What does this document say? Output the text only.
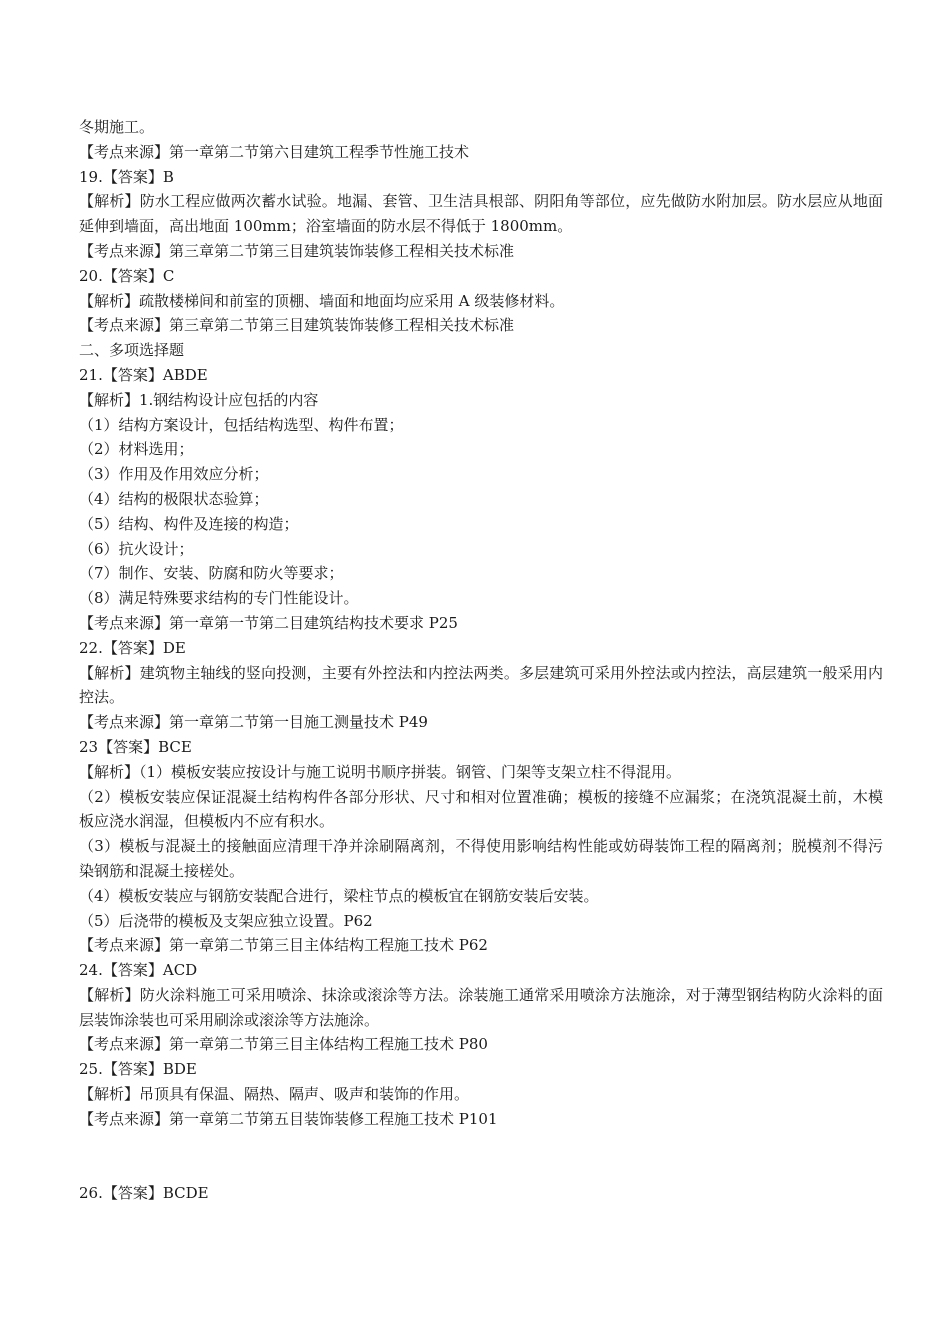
冬期施工。

【考点来源】第一章第二节第六目建筑工程季节性施工技术

19.【答案】B

【解析】防水工程应做两次蓄水试验。地漏、套管、卫生洁具根部、阴阳角等部位，应先做防水附加层。防水层应从地面延伸到墙面，高出地面 100mm；浴室墙面的防水层不得低于 1800mm。

【考点来源】第三章第二节第三目建筑装饰装修工程相关技术标准

20.【答案】C

【解析】疏散楼梯间和前室的顶棚、墙面和地面均应采用 A 级装修材料。

【考点来源】第三章第二节第三目建筑装饰装修工程相关技术标准

二、多项选择题

21.【答案】ABDE

【解析】1.钢结构设计应包括的内容

（1）结构方案设计，包括结构选型、构件布置；

（2）材料选用；

（3）作用及作用效应分析；

（4）结构的极限状态验算；

（5）结构、构件及连接的构造；

（6）抗火设计；

（7）制作、安装、防腐和防火等要求；

（8）满足特殊要求结构的专门性能设计。

【考点来源】第一章第一节第二目建筑结构技术要求 P25

22.【答案】DE

【解析】建筑物主轴线的竖向投测，主要有外控法和内控法两类。多层建筑可采用外控法或内控法，高层建筑一般采用内控法。

【考点来源】第一章第二节第一目施工测量技术 P49

23【答案】BCE

【解析】（1）模板安装应按设计与施工说明书顺序拼装。钢管、门架等支架立柱不得混用。

（2）模板安装应保证混凝土结构构件各部分形状、尺寸和相对位置准确；模板的接缝不应漏浆；在浇筑混凝土前，木模板应浇水润湿，但模板内不应有积水。

（3）模板与混凝土的接触面应清理干净并涂刷隔离剂，不得使用影响结构性能或妨碍装饰工程的隔离剂；脱模剂不得污染钢筋和混凝土接槎处。

（4）模板安装应与钢筋安装配合进行，梁柱节点的模板宜在钢筋安装后安装。

（5）后浇带的模板及支架应独立设置。P62

【考点来源】第一章第二节第三目主体结构工程施工技术 P62

24.【答案】ACD

【解析】防火涂料施工可采用喷涂、抹涂或滚涂等方法。涂装施工通常采用喷涂方法施涂，对于薄型钢结构防火涂料的面层装饰涂装也可采用刷涂或滚涂等方法施涂。

【考点来源】第一章第二节第三目主体结构工程施工技术 P80

25.【答案】BDE

【解析】吊顶具有保温、隔热、隔声、吸声和装饰的作用。

【考点来源】第一章第二节第五目装饰装修工程施工技术 P101

26.【答案】BCDE
